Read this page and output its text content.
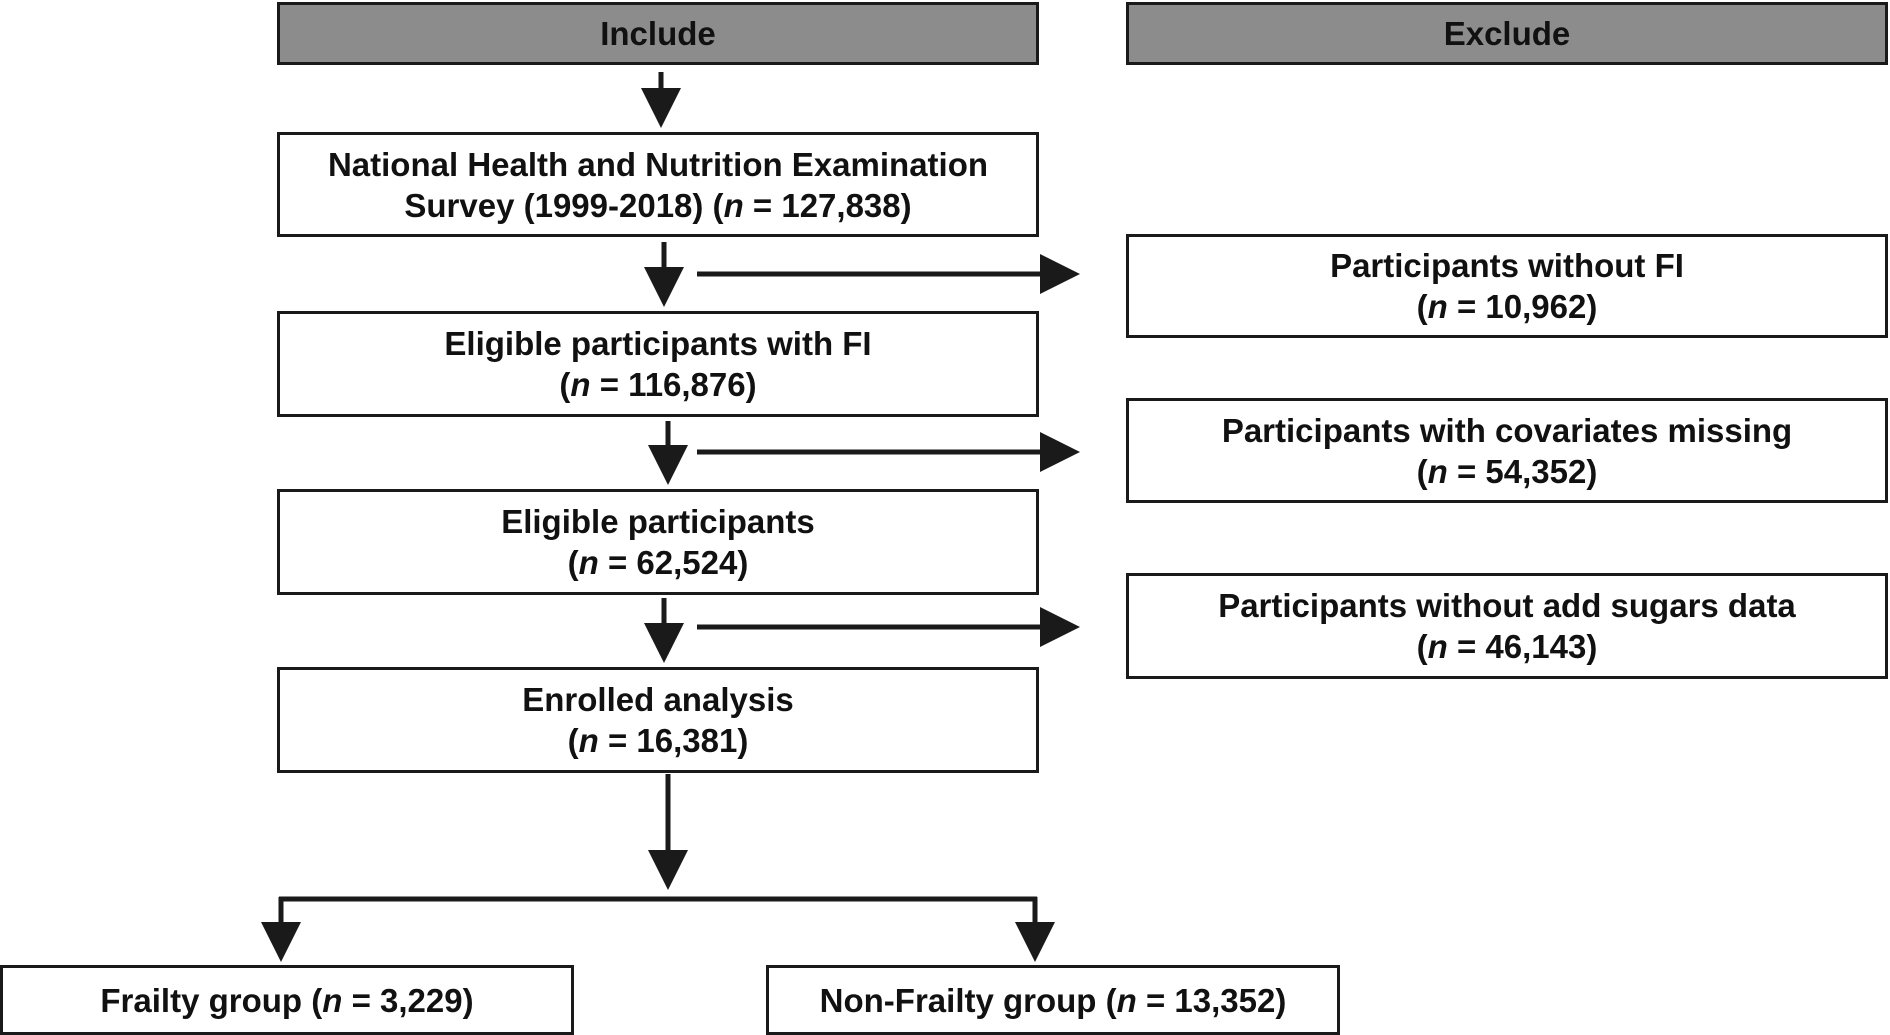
Include	Exclude
National Health and Nutrition Examination
Survey (1999-2018) (n = 127,838)
Eligible participants with FI
(n = 116,876)
Eligible participants
(n = 62,524)
Enrolled analysis
(n = 16,381)
Participants without FI
(n = 10,962)
Participants with covariates missing
(n = 54,352)
Participants without add sugars data
(n = 46,143)
Frailty group (n = 3,229)	Non-Frailty group (n = 13,352)
